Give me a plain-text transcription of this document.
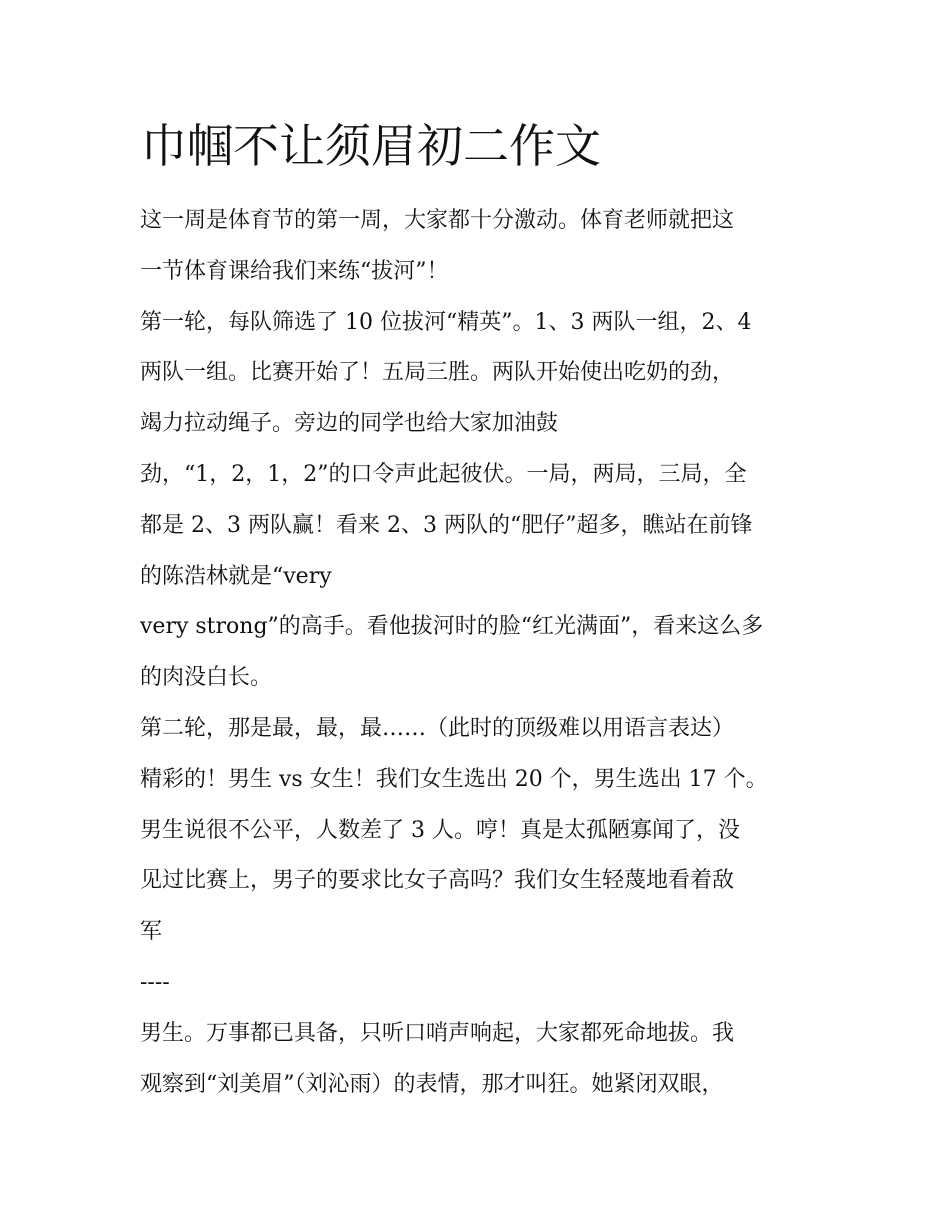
巾帼不让须眉初二作文

这一周是体育节的第一周，大家都十分激动。体育老师就把这

一节体育课给我们来练“拔河”！

第一轮，每队筛选了 10 位拔河“精英”。1、3 两队一组，2、4

两队一组。比赛开始了！五局三胜。两队开始使出吃奶的劲，

竭力拉动绳子。旁边的同学也给大家加油鼓

劲，“1，2，1，2”的口令声此起彼伏。一局，两局，三局，全

都是 2、3 两队赢！看来 2、3 两队的“肥仔”超多，瞧站在前锋

的陈浩林就是“very

very strong”的高手。看他拔河时的脸“红光满面”，看来这么多

的肉没白长。

第二轮，那是最，最，最……（此时的顶级难以用语言表达）

精彩的！男生 vs 女生！我们女生选出 20 个，男生选出 17 个。

男生说很不公平，人数差了 3 人。哼！真是太孤陋寡闻了，没

见过比赛上，男子的要求比女子高吗？我们女生轻蔑地看着敌

军

----

男生。万事都已具备，只听口哨声响起，大家都死命地拔。我

观察到“刘美眉”（刘沁雨）的表情，那才叫狂。她紧闭双眼，
